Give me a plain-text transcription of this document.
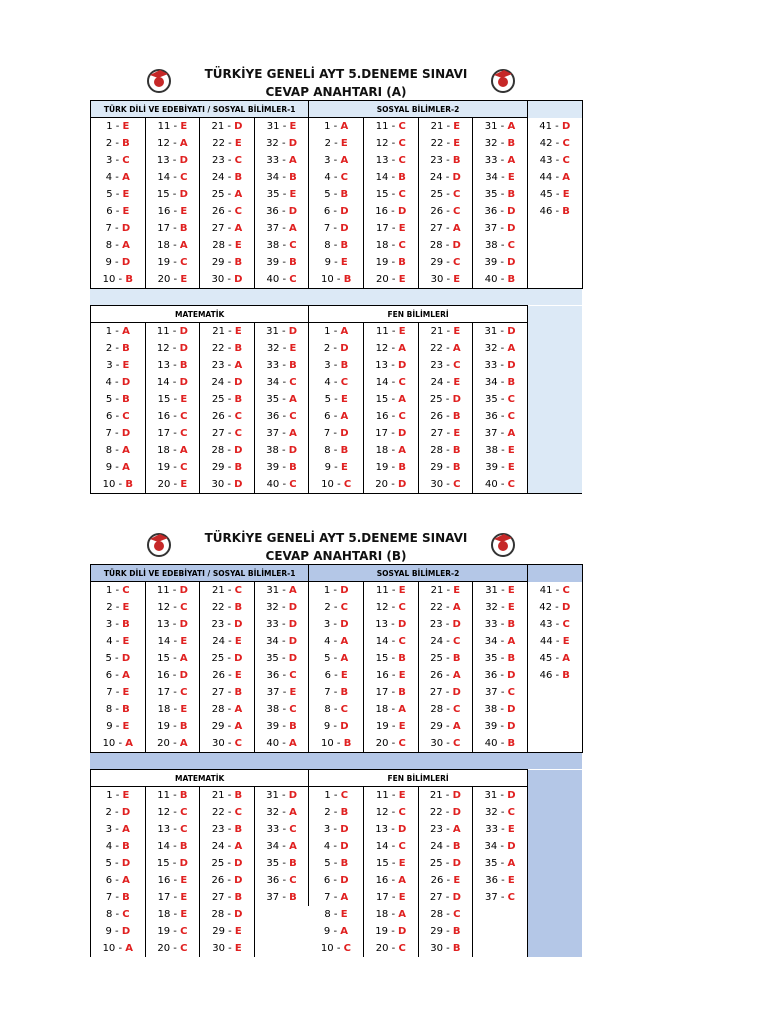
TÜRKİYE GENELİ AYT 5.DENEME SINAVI
CEVAP ANAHTARI (A)
TÜRK DİLİ VE EDEBİYATI / SOSYAL BİLİMLER-1				SOSYAL BİLİMLER-2				
1 - E	11 - E	21 - D	31 - E	1 - A	11 - C	21 - E	31 - A	41 - D
2 - B	12 - A	22 - E	32 - D	2 - E	12 - C	22 - E	32 - B	42 - C
3 - C	13 - D	23 - C	33 - A	3 - A	13 - C	23 - B	33 - A	43 - C
4 - A	14 - C	24 - B	34 - B	4 - C	14 - B	24 - D	34 - E	44 - A
5 - E	15 - D	25 - A	35 - E	5 - B	15 - C	25 - C	35 - B	45 - E
6 - E	16 - E	26 - C	36 - D	6 - D	16 - D	26 - C	36 - D	46 - B
7 - D	17 - B	27 - A	37 - A	7 - D	17 - E	27 - A	37 - D	
8 - A	18 - A	28 - E	38 - C	8 - B	18 - C	28 - D	38 - C	
9 - D	19 - C	29 - B	39 - B	9 - E	19 - B	29 - C	39 - D	
10 - B	20 - E	30 - D	40 - C	10 - B	20 - E	30 - E	40 - B	
MATEMATİK				FEN BİLİMLERİ				
1 - A	11 - D	21 - E	31 - D	1 - A	11 - E	21 - E	31 - D	
2 - B	12 - D	22 - B	32 - E	2 - D	12 - A	22 - A	32 - A	
3 - E	13 - B	23 - A	33 - B	3 - B	13 - D	23 - C	33 - D	
4 - D	14 - D	24 - D	34 - C	4 - C	14 - C	24 - E	34 - B	
5 - B	15 - E	25 - B	35 - A	5 - E	15 - A	25 - D	35 - C	
6 - C	16 - C	26 - C	36 - C	6 - A	16 - C	26 - B	36 - C	
7 - D	17 - C	27 - C	37 - A	7 - D	17 - D	27 - E	37 - A	
8 - A	18 - A	28 - D	38 - D	8 - B	18 - A	28 - B	38 - E	
9 - A	19 - C	29 - B	39 - B	9 - E	19 - B	29 - B	39 - E	
10 - B	20 - E	30 - D	40 - C	10 - C	20 - D	30 - C	40 - C	
TÜRKİYE GENELİ AYT 5.DENEME SINAVI
CEVAP ANAHTARI (B)
TÜRK DİLİ VE EDEBİYATI / SOSYAL BİLİMLER-1				SOSYAL BİLİMLER-2				
1 - C	11 - D	21 - C	31 - A	1 - D	11 - E	21 - E	31 - E	41 - C
2 - E	12 - C	22 - B	32 - D	2 - C	12 - C	22 - A	32 - E	42 - D
3 - B	13 - D	23 - D	33 - D	3 - D	13 - D	23 - D	33 - B	43 - C
4 - E	14 - E	24 - E	34 - D	4 - A	14 - C	24 - C	34 - A	44 - E
5 - D	15 - A	25 - D	35 - D	5 - A	15 - B	25 - B	35 - B	45 - A
6 - A	16 - D	26 - E	36 - C	6 - E	16 - E	26 - A	36 - D	46 - B
7 - E	17 - C	27 - B	37 - E	7 - B	17 - B	27 - D	37 - C	
8 - B	18 - E	28 - A	38 - C	8 - C	18 - A	28 - C	38 - D	
9 - E	19 - B	29 - A	39 - B	9 - D	19 - E	29 - A	39 - D	
10 - A	20 - A	30 - C	40 - A	10 - B	20 - C	30 - C	40 - B	
MATEMATİK				FEN BİLİMLERİ				
1 - E	11 - B	21 - B	31 - D	1 - C	11 - E	21 - D	31 - D	
2 - D	12 - C	22 - C	32 - A	2 - B	12 - C	22 - D	32 - C	
3 - A	13 - C	23 - B	33 - C	3 - D	13 - D	23 - A	33 - E	
4 - B	14 - B	24 - A	34 - A	4 - D	14 - C	24 - B	34 - D	
5 - D	15 - D	25 - D	35 - B	5 - B	15 - E	25 - D	35 - A	
6 - A	16 - E	26 - D	36 - C	6 - D	16 - A	26 - E	36 - E	
7 - B	17 - E	27 - B	37 - B	7 - A	17 - E	27 - D	37 - C	
8 - C	18 - E	28 - D		8 - E	18 - A	28 - C		
9 - D	19 - C	29 - E		9 - A	19 - D	29 - B		
10 - A	20 - C	30 - E		10 - C	20 - C	30 - B		
